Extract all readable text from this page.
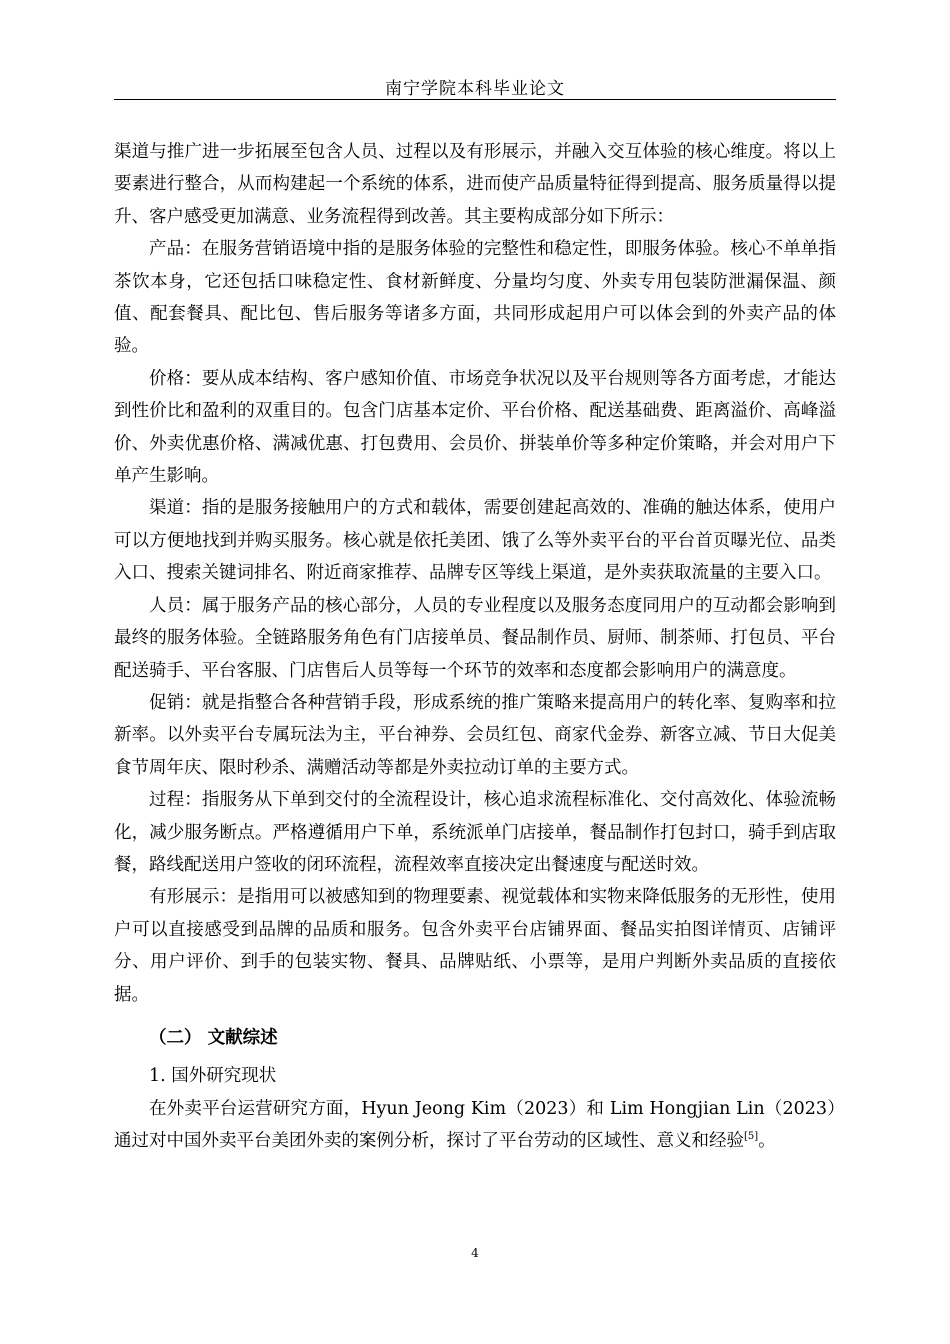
南宁学院本科毕业论文

渠道与推广进一步拓展至包含人员、过程以及有形展示，并融入交互体验的核心维度。将以上要素进行整合，从而构建起一个系统的体系，进而使产品质量特征得到提高、服务质量得以提升、客户感受更加满意、业务流程得到改善。其主要构成部分如下所示：

产品：在服务营销语境中指的是服务体验的完整性和稳定性，即服务体验。核心不单单指茶饮本身，它还包括口味稳定性、食材新鲜度、分量均匀度、外卖专用包装防泄漏保温、颜值、配套餐具、配比包、售后服务等诸多方面，共同形成起用户可以体会到的外卖产品的体验。

价格：要从成本结构、客户感知价值、市场竞争状况以及平台规则等各方面考虑，才能达到性价比和盈利的双重目的。包含门店基本定价、平台价格、配送基础费、距离溢价、高峰溢价、外卖优惠价格、满减优惠、打包费用、会员价、拼装单价等多种定价策略，并会对用户下单产生影响。

渠道：指的是服务接触用户的方式和载体，需要创建起高效的、准确的触达体系，使用户可以方便地找到并购买服务。核心就是依托美团、饿了么等外卖平台的平台首页曝光位、品类入口、搜索关键词排名、附近商家推荐、品牌专区等线上渠道，是外卖获取流量的主要入口。

人员：属于服务产品的核心部分，人员的专业程度以及服务态度同用户的互动都会影响到最终的服务体验。全链路服务角色有门店接单员、餐品制作员、厨师、制茶师、打包员、平台配送骑手、平台客服、门店售后人员等每一个环节的效率和态度都会影响用户的满意度。

促销：就是指整合各种营销手段，形成系统的推广策略来提高用户的转化率、复购率和拉新率。以外卖平台专属玩法为主，平台神券、会员红包、商家代金券、新客立减、节日大促美食节周年庆、限时秒杀、满赠活动等都是外卖拉动订单的主要方式。

过程：指服务从下单到交付的全流程设计，核心追求流程标准化、交付高效化、体验流畅化，减少服务断点。严格遵循用户下单，系统派单门店接单，餐品制作打包封口，骑手到店取餐，路线配送用户签收的闭环流程，流程效率直接决定出餐速度与配送时效。

有形展示：是指用可以被感知到的物理要素、视觉载体和实物来降低服务的无形性，使用户可以直接感受到品牌的品质和服务。包含外卖平台店铺界面、餐品实拍图详情页、店铺评分、用户评价、到手的包装实物、餐具、品牌贴纸、小票等，是用户判断外卖品质的直接依据。

（二） 文献综述
1. 国外研究现状

在外卖平台运营研究方面，Hyun Jeong Kim（2023）和 Lim Hongjian Lin（2023）通过对中国外卖平台美团外卖的案例分析，探讨了平台劳动的区域性、意义和经验[5]。

4
